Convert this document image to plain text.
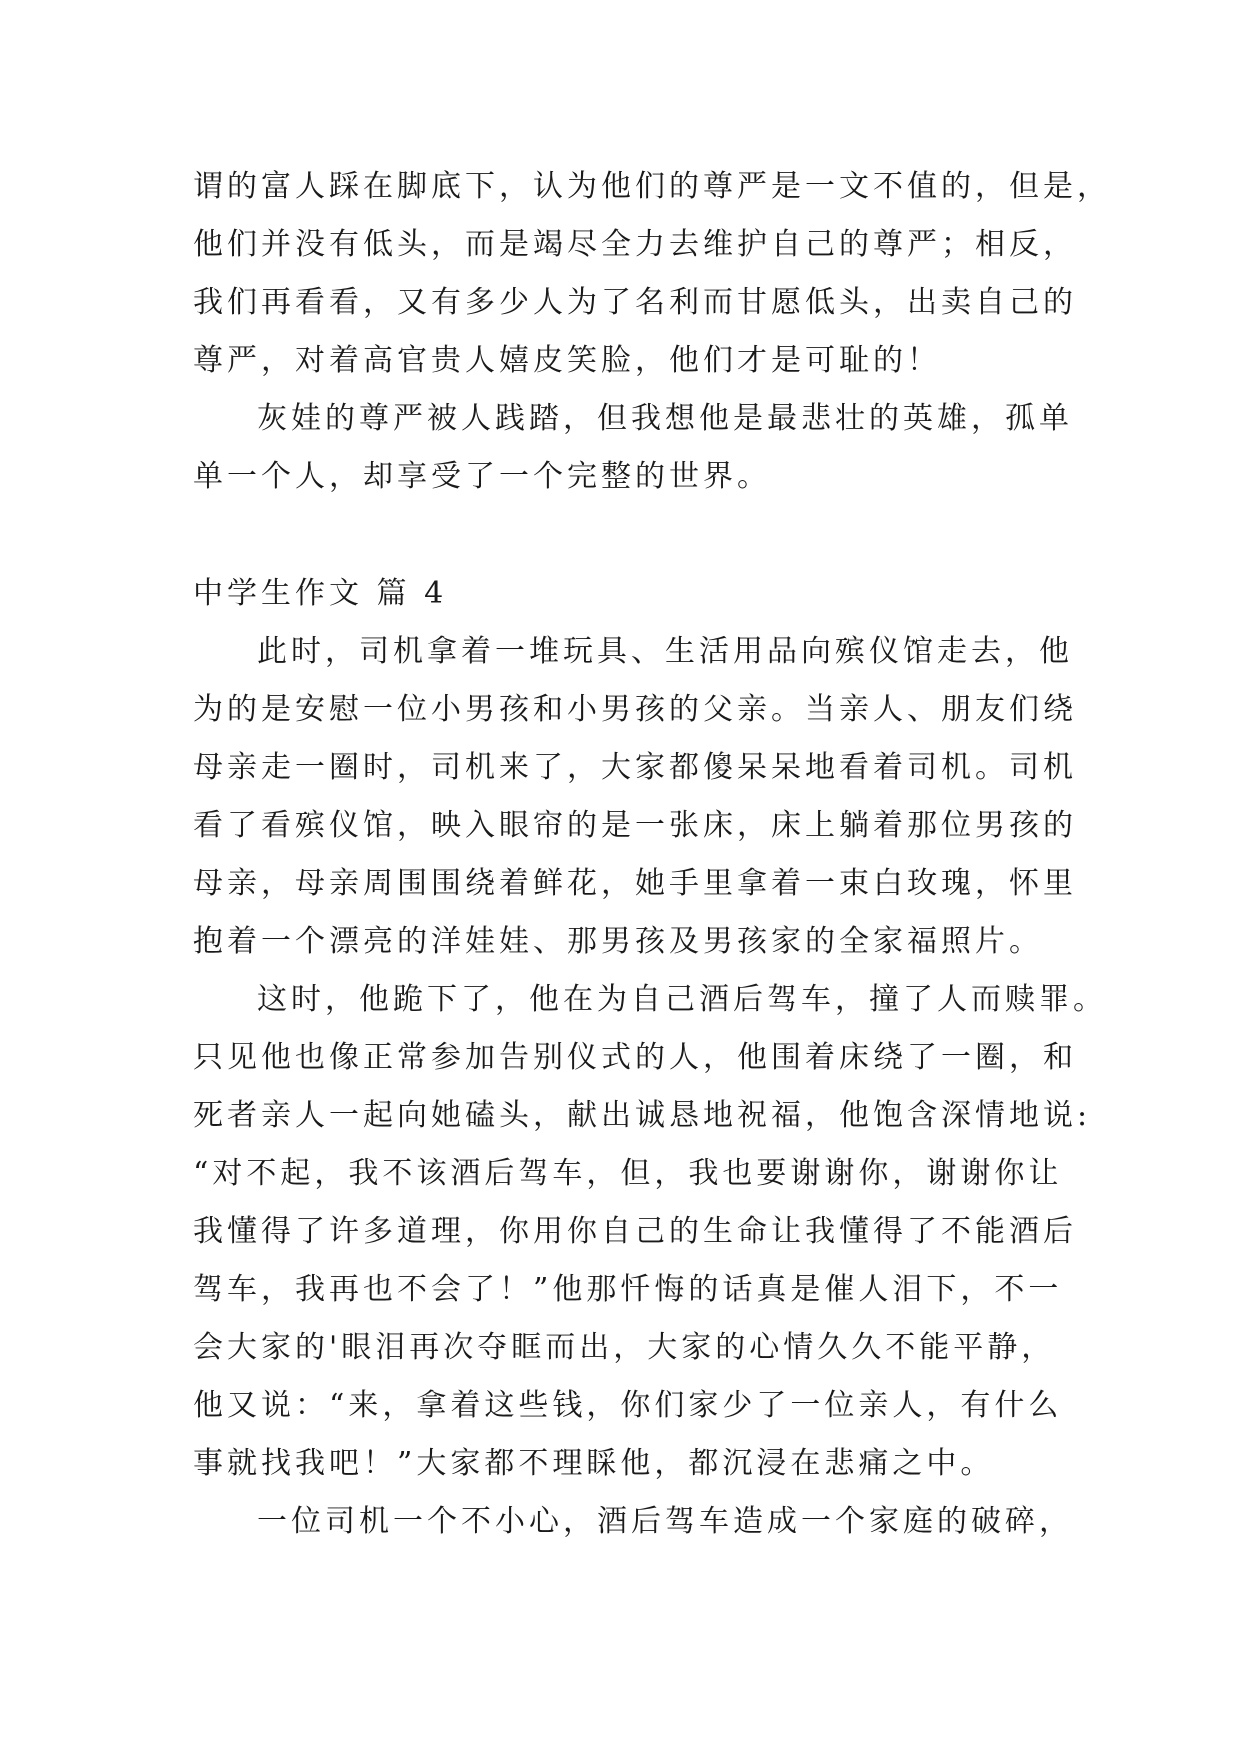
谓的富人踩在脚底下，认为他们的尊严是一文不值的，但是，
他们并没有低头，而是竭尽全力去维护自己的尊严；相反，
我们再看看，又有多少人为了名利而甘愿低头，出卖自己的
尊严，对着高官贵人嬉皮笑脸，他们才是可耻的！
灰娃的尊严被人践踏，但我想他是最悲壮的英雄，孤单
单一个人，却享受了一个完整的世界。
中学生作文 篇 4
此时，司机拿着一堆玩具、生活用品向殡仪馆走去，他
为的是安慰一位小男孩和小男孩的父亲。当亲人、朋友们绕
母亲走一圈时，司机来了，大家都傻呆呆地看着司机。司机
看了看殡仪馆，映入眼帘的是一张床，床上躺着那位男孩的
母亲，母亲周围围绕着鲜花，她手里拿着一束白玫瑰，怀里
抱着一个漂亮的洋娃娃、那男孩及男孩家的全家福照片。
这时，他跪下了，他在为自己酒后驾车，撞了人而赎罪。
只见他也像正常参加告别仪式的人，他围着床绕了一圈，和
死者亲人一起向她磕头，献出诚恳地祝福，他饱含深情地说:
“对不起，我不该酒后驾车，但，我也要谢谢你，谢谢你让
我懂得了许多道理，你用你自己的生命让我懂得了不能酒后
驾车，我再也不会了！”他那忏悔的话真是催人泪下，不一
会大家的'眼泪再次夺眶而出，大家的心情久久不能平静，
他又说：“来，拿着这些钱，你们家少了一位亲人，有什么
事就找我吧！”大家都不理睬他，都沉浸在悲痛之中。
一位司机一个不小心，酒后驾车造成一个家庭的破碎，
